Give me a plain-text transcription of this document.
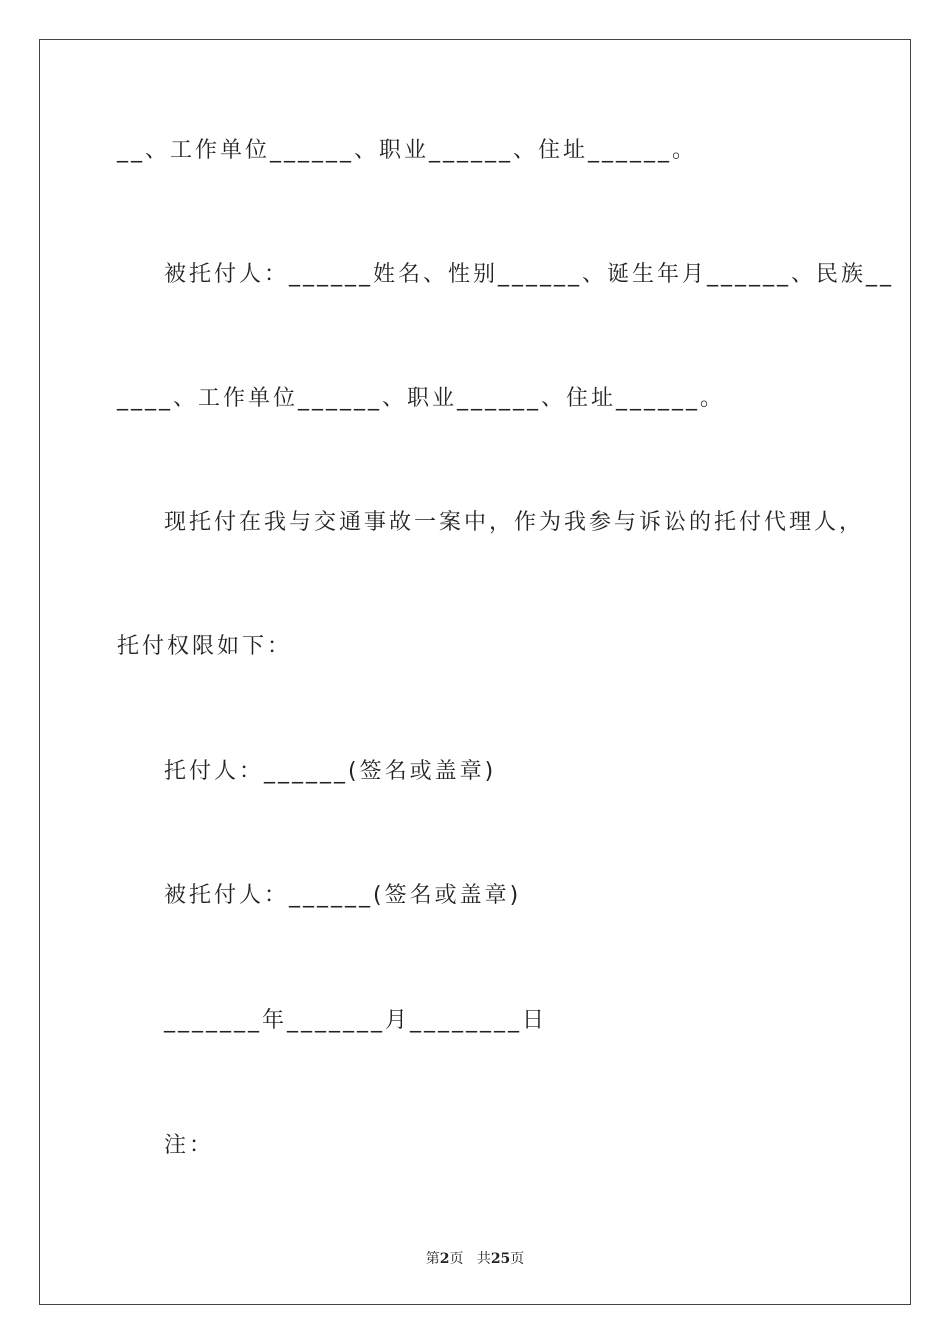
__、工作单位______、职业______、住址______。
被托付人：______姓名、性别______、诞生年月______、民族__
____、工作单位______、职业______、住址______。
现托付在我与交通事故一案中，作为我参与诉讼的托付代理人，
托付权限如下：
托付人：______(签名或盖章)
被托付人：______(签名或盖章)
_______年_______月________日
注：
第2页 共25页
